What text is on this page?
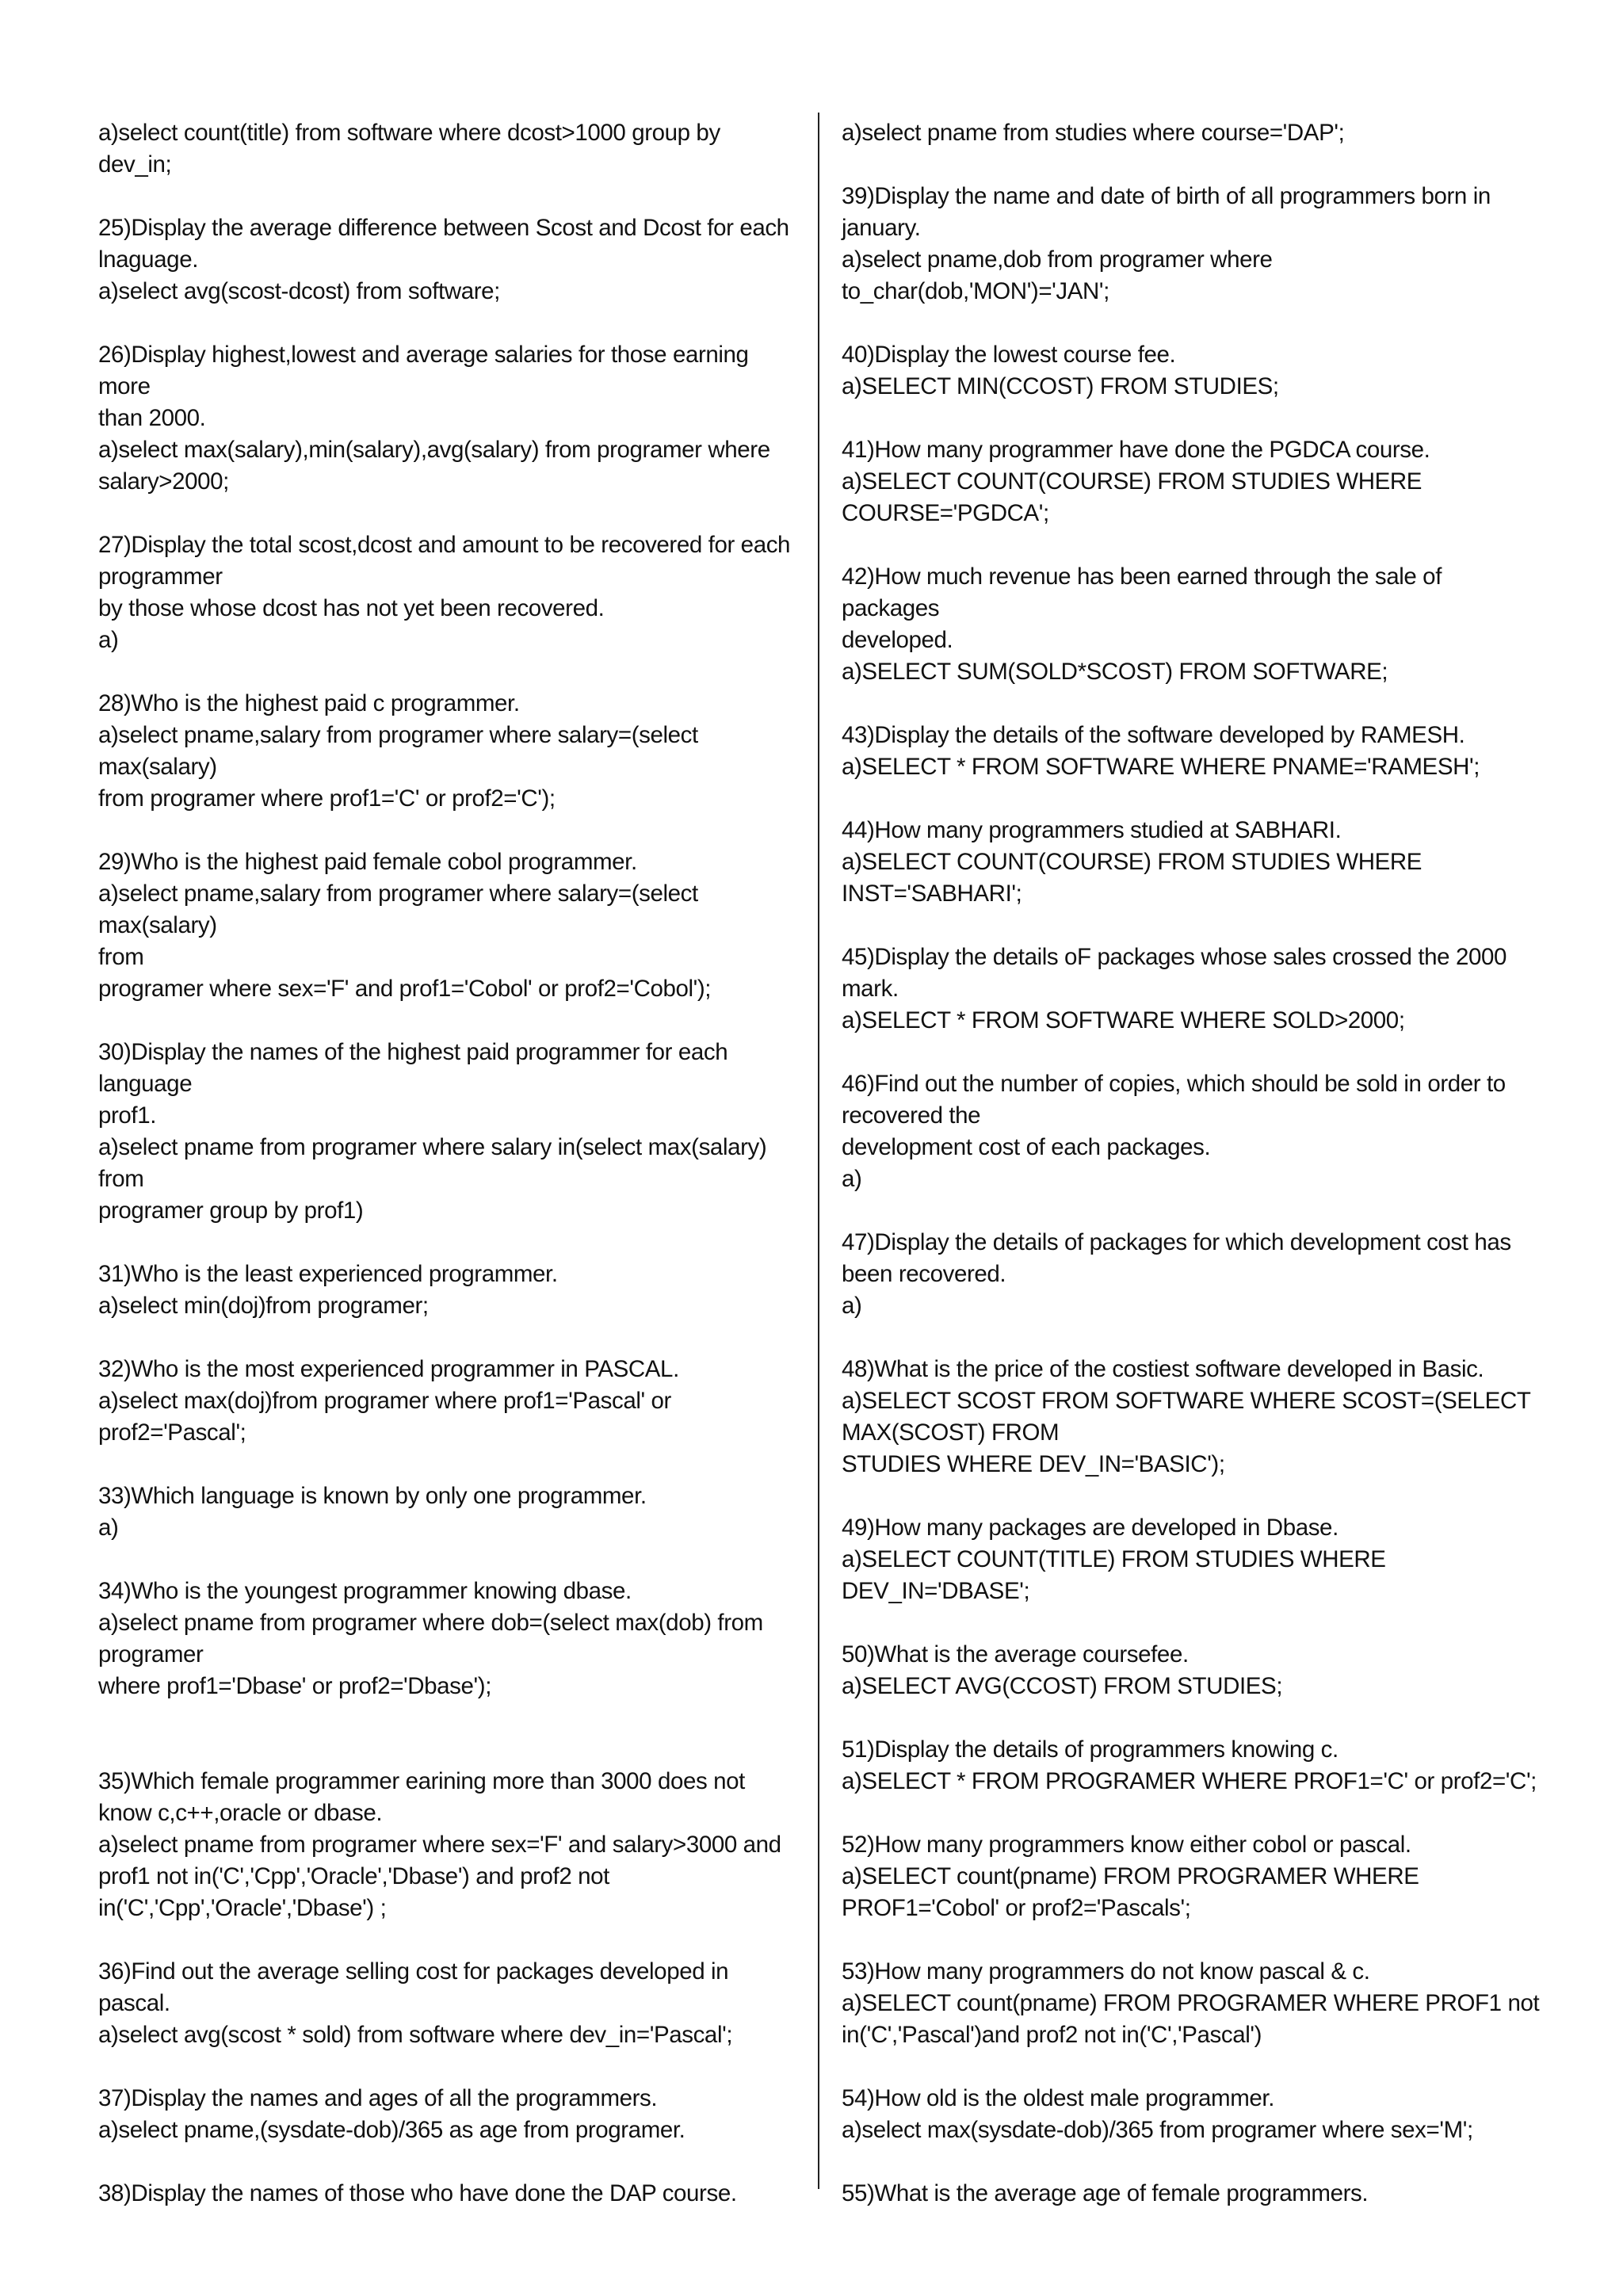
a)select count(title) from software where dcost>1000 group by
dev_in;
25)Display the average difference between Scost and Dcost for each
lnaguage.
a)select avg(scost-dcost) from software;
26)Display highest,lowest and average salaries for those earning
more
than 2000.
a)select max(salary),min(salary),avg(salary) from programer where
salary>2000;
27)Display the total scost,dcost and amount to be recovered for each
programmer
by those whose dcost has not yet been recovered.
a)
28)Who is the highest paid c programmer.
a)select pname,salary from programer where salary=(select
max(salary)
from programer where prof1='C' or prof2='C');
29)Who is the highest paid female cobol programmer.
a)select pname,salary from programer where salary=(select
max(salary)
from
programer where sex='F' and prof1='Cobol' or prof2='Cobol');
30)Display the names of the highest paid programmer for each
language
prof1.
a)select pname from programer where salary in(select max(salary)
from
programer group by prof1)
31)Who is the least experienced programmer.
a)select min(doj)from programer;
32)Who is the most experienced programmer in PASCAL.
a)select max(doj)from programer where prof1='Pascal' or
prof2='Pascal';
33)Which language is known by only one programmer.
a)
34)Who is the youngest programmer knowing dbase.
a)select pname from programer where dob=(select max(dob) from
programer
where prof1='Dbase' or prof2='Dbase');
35)Which female programmer earining more than 3000 does not
know c,c++,oracle or dbase.
a)select pname from programer where sex='F' and salary>3000 and
prof1 not in('C','Cpp','Oracle','Dbase') and prof2 not
in('C','Cpp','Oracle','Dbase') ;
36)Find out the average selling cost for packages developed in
pascal.
a)select avg(scost * sold) from software where dev_in='Pascal';
37)Display the names and ages of all the programmers.
a)select pname,(sysdate-dob)/365 as age from programer.
38)Display the names of those who have done the DAP course.
a)select pname from studies where course='DAP';
39)Display the name and date of birth of all programmers born in
january.
a)select pname,dob from programer where
to_char(dob,'MON')='JAN';
40)Display the lowest course fee.
a)SELECT MIN(CCOST) FROM STUDIES;
41)How many programmer have done the PGDCA course.
a)SELECT COUNT(COURSE) FROM STUDIES WHERE
COURSE='PGDCA';
42)How much revenue has been earned through the sale of
packages
developed.
a)SELECT SUM(SOLD*SCOST) FROM SOFTWARE;
43)Display the details of the software developed by RAMESH.
a)SELECT * FROM SOFTWARE WHERE PNAME='RAMESH';
44)How many programmers studied at SABHARI.
a)SELECT COUNT(COURSE) FROM STUDIES WHERE
INST='SABHARI';
45)Display the details oF packages whose sales crossed the 2000
mark.
a)SELECT * FROM SOFTWARE WHERE SOLD>2000;
46)Find out the number of copies, which should be sold in order to
recovered the
development cost of each packages.
a)
47)Display the details of packages for which development cost has
been recovered.
a)
48)What is the price of the costiest software developed in Basic.
a)SELECT SCOST FROM SOFTWARE WHERE SCOST=(SELECT
MAX(SCOST) FROM
STUDIES WHERE DEV_IN='BASIC');
49)How many packages are developed in Dbase.
a)SELECT COUNT(TITLE) FROM STUDIES WHERE
DEV_IN='DBASE';
50)What is the average coursefee.
a)SELECT AVG(CCOST) FROM STUDIES;
51)Display the details of programmers knowing c.
a)SELECT * FROM PROGRAMER WHERE PROF1='C' or prof2='C';
52)How many programmers know either cobol or pascal.
a)SELECT count(pname) FROM PROGRAMER WHERE
PROF1='Cobol' or prof2='Pascals';
53)How many programmers do not know pascal & c.
a)SELECT count(pname) FROM PROGRAMER WHERE PROF1 not
in('C','Pascal')and prof2 not in('C','Pascal')
54)How old is the oldest male programmer.
a)select max(sysdate-dob)/365 from programer where sex='M';
55)What is the average age of female programmers.
